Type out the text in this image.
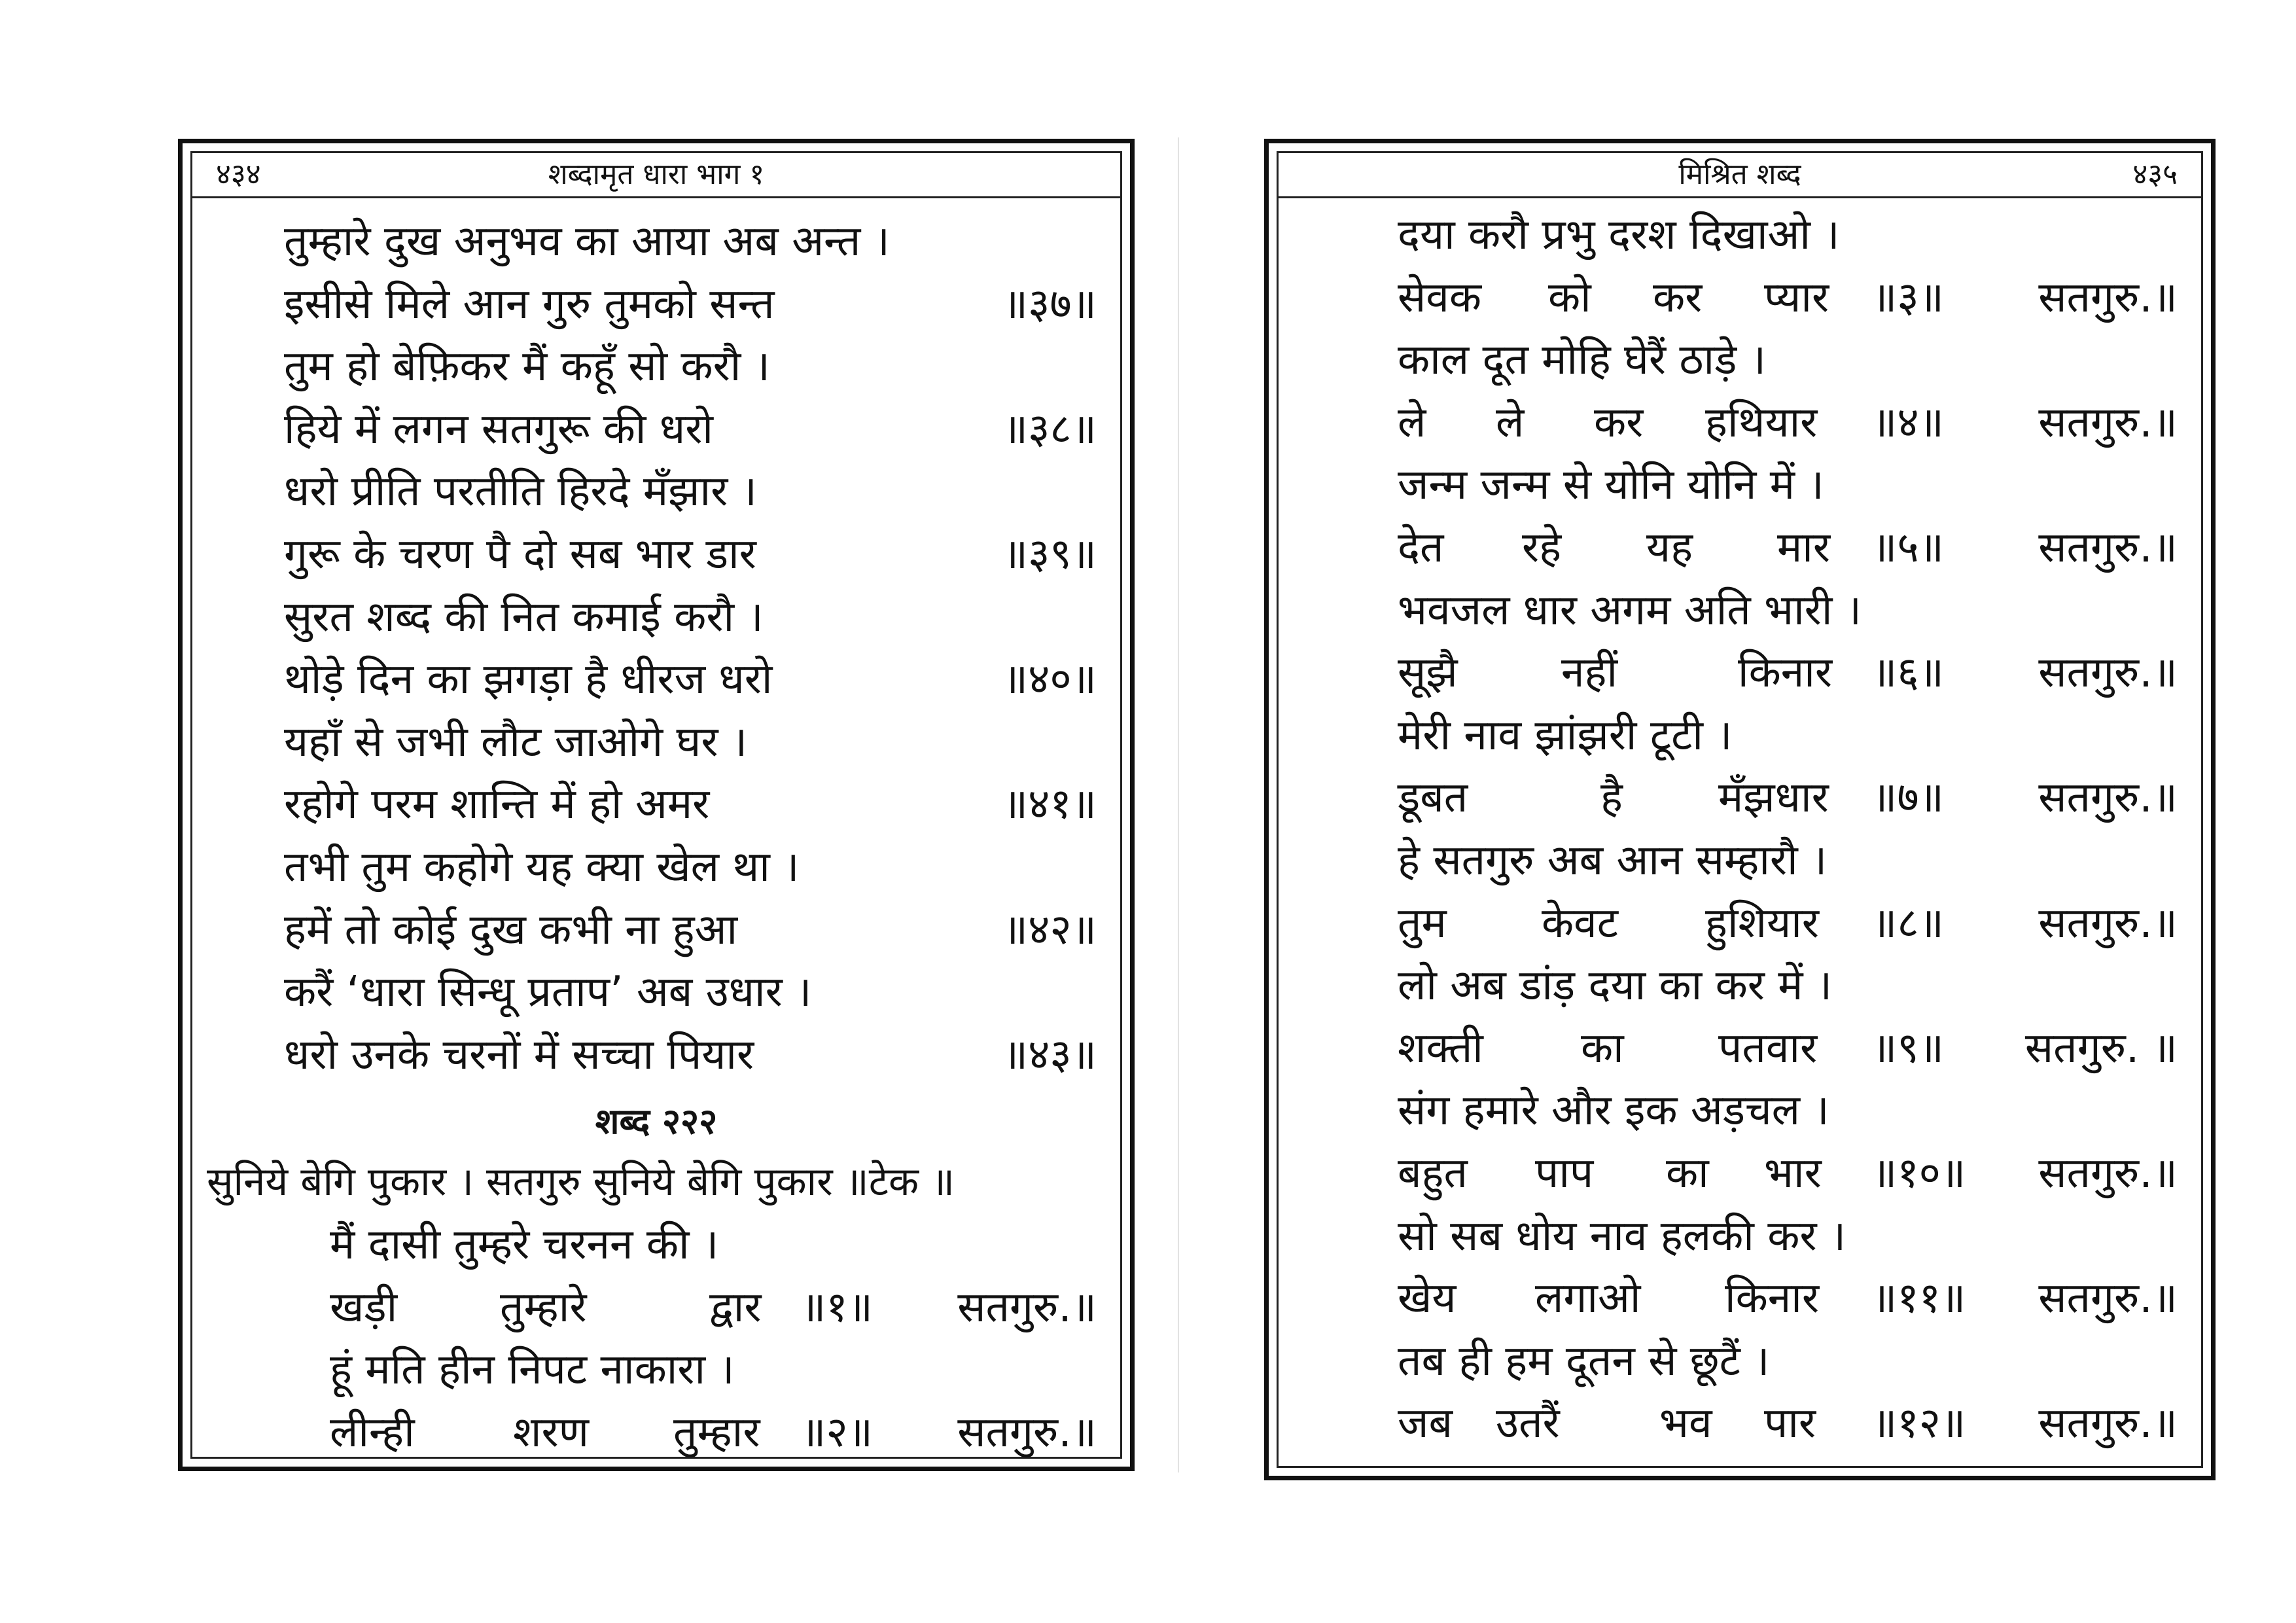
४३४	शब्दामृत धारा भाग १
तुम्हारे दुख अनुभव का आया अब अन्त ।
इसीसे मिले आन गुरु तुमको सन्त	॥३७॥
तुम हो बेफ़िकर मैं कहूँ सो करौ ।
हिये में लगन सतगुरू की धरो	॥३८॥
धरो प्रीति परतीति हिरदे मँझार ।
गुरू के चरण पै दो सब भार डार	॥३९॥
सुरत शब्द की नित कमाई करौ ।
थोड़े दिन का झगड़ा है धीरज धरो	॥४०॥
यहाँ से जभी लौट जाओगे घर ।
रहोगे परम शान्ति में हो अमर	॥४१॥
तभी तुम कहोगे यह क्या खेल था ।
हमें तो कोई दुख कभी ना हुआ	॥४२॥
करैं ‘धारा सिन्धू प्रताप’ अब उधार ।
धरो उनके चरनों में सच्चा पियार	॥४३॥
शब्द २२२
सुनिये बेगि पुकार । सतगुरु सुनिये बेगि पुकार ॥टेक ॥
मैं दासी तुम्हरे चरनन की ।
खड़ी तुम्हारे	द्वार ॥१॥ सतगुरु.॥
हूं मति हीन निपट नाकारा ।
लीन्ही शरण तुम्हार ॥२॥ सतगुरु.॥
मिश्रित शब्द	४३५
दया करौ प्रभु दरश दिखाओ ।
सेवक को कर प्यार ॥३॥ सतगुरु.॥
काल दूत मोहि घेरैं ठाड़े ।
ले ले कर हथियार ॥४॥ सतगुरु.॥
जन्म जन्म से योनि योनि में ।
देत रहे यह मार ॥५॥ सतगुरु.॥
भवजल धार अगम अति भारी ।
सूझै नहीं	किनार ॥६॥ सतगुरु.॥
मेरी नाव झांझरी टूटी ।
डूबत	है मँझधार ॥७॥ सतगुरु.॥
हे सतगुरु अब आन सम्हारौ ।
तुम केवट हुशियार ॥८॥ सतगुरु.॥
लो अब डांड़ दया का कर में ।
शक्ती का पतवार ॥९॥ सतगुरु. ॥
संग हमारे और इक अड़चल ।
बहुत पाप का भार ॥१०॥ सतगुरु.॥
सो सब धोय नाव हलकी कर ।
खेय लगाओ किनार ॥११॥ सतगुरु.॥
तब ही हम दूतन से छूटैं ।
जब उतरैं भव पार ॥१२॥ सतगुरु.॥
